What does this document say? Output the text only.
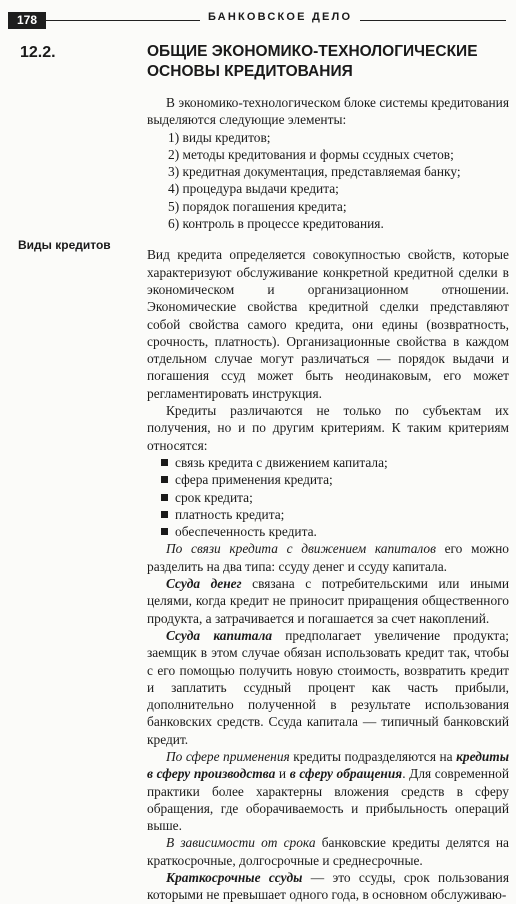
178	БАНКОВСКОЕ ДЕЛО
12.2.	ОБЩИЕ ЭКОНОМИКО-ТЕХНОЛОГИЧЕСКИЕ ОСНОВЫ КРЕДИТОВАНИЯ
Виды кредитов

В экономико-технологическом блоке системы кредитования выделяются следующие элементы:

1) виды кредитов;

2) методы кредитования и формы ссудных счетов;

3) кредитная документация, представляемая банку;

4) процедура выдачи кредита;

5) порядок погашения кредита;

6) контроль в процессе кредитования.

Вид кредита определяется совокупностью свойств, которые характеризуют обслуживание конкретной кредитной сделки в экономическом и организационном отношении. Экономические свойства кредитной сделки представляют собой свойства самого кредита, они едины (возвратность, срочность, платность). Организационные свойства в каждом отдельном случае могут различаться — порядок выдачи и погашения ссуд может быть неодинаковым, его может регламентировать инструкция.

Кредиты различаются не только по субъектам их получения, но и по другим критериям. К таким критериям относятся:

связь кредита с движением капитала;

сфера применения кредита;

срок кредита;

платность кредита;

обеспеченность кредита.

По связи кредита с движением капиталов его можно разделить на два типа: ссуду денег и ссуду капитала.

Ссуда денег связана с потребительскими или иными целями, когда кредит не приносит приращения общественного продукта, а затрачивается и погашается за счет накоплений.

Ссуда капитала предполагает увеличение продукта; заемщик в этом случае обязан использовать кредит так, чтобы с его помощью получить новую стоимость, возвратить кредит и заплатить ссудный процент как часть прибыли, дополнительно полученной в результате использования банковских средств. Ссуда капитала — типичный банковский кредит.

По сфере применения кредиты подразделяются на кредиты в сферу производства и в сферу обращения. Для современной практики более характерны вложения средств в сферу обращения, где оборачиваемость и прибыльность операций выше.

В зависимости от срока банковские кредиты делятся на краткосрочные, долгосрочные и среднесрочные.

Краткосрочные ссуды — это ссуды, срок пользования которыми не превышает одного года, в основном обслуживаю-
